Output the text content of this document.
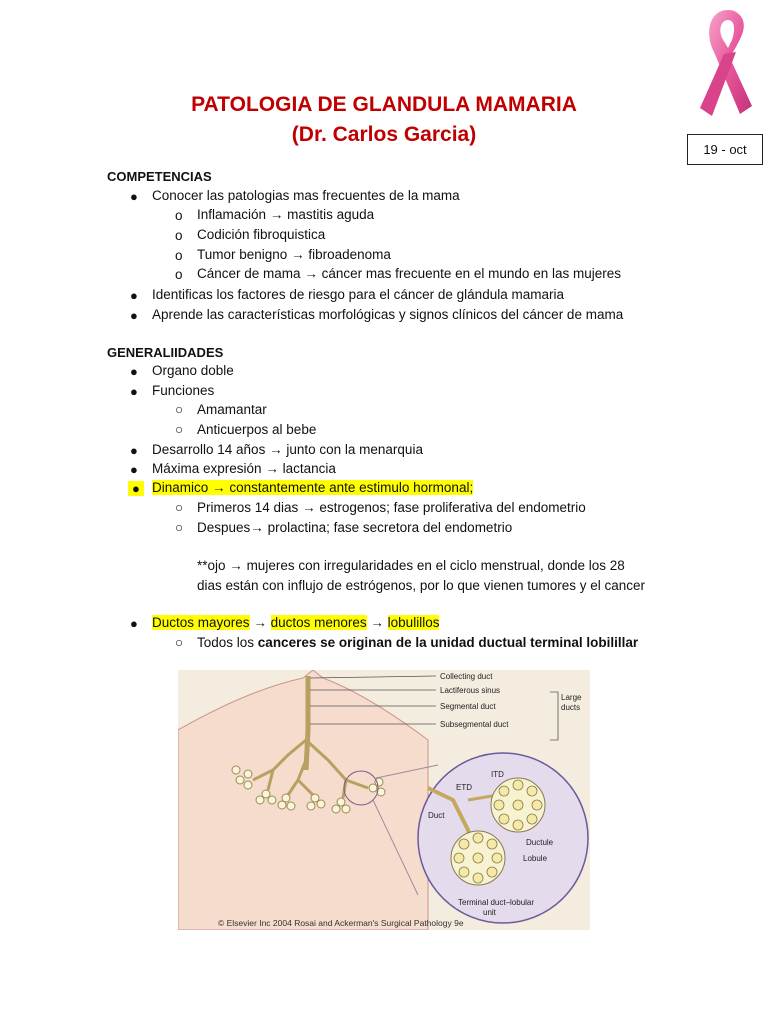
PATOLOGIA DE GLANDULA MAMARIA
(Dr. Carlos Garcia)
19 - oct
COMPETENCIAS
● Conocer las patologias mas frecuentes de la mama
o Inflamación → mastitis aguda
o Codición fibroquistica
o Tumor benigno → fibroadenoma
o Cáncer de mama → cáncer mas frecuente en el mundo en las mujeres
● Identificas los factores de riesgo para el cáncer de glándula mamaria
● Aprende las características morfológicas y signos clínicos del cáncer de mama
GENERALIIDADES
● Organo doble
● Funciones
○ Amamantar
○ Anticuerpos al bebe
● Desarrollo 14 años → junto con la menarquia
● Máxima expresión → lactancia
● Dinamico → constantemente ante estimulo hormonal;
○ Primeros 14 dias → estrogenos; fase proliferativa del endometrio
○ Despues→ prolactina; fase secretora del endometrio
**ojo → mujeres con irregularidades en el ciclo menstrual, donde los 28
dias están con influjo de estrógenos, por lo que vienen tumores y el cancer
● Ductos mayores → ductos menores → lobulillos
○ Todos los canceres se originan de la unidad ductual terminal lobilillar
Collecting duct
Lactiferous sinus
Segmental duct
Subsegmental duct
Large
ducts
ITD
ETD
Duct
Ductule
Lobule
Terminal duct–lobular
unit
© Elsevier Inc 2004 Rosai and Ackerman's Surgical Pathology 9e
